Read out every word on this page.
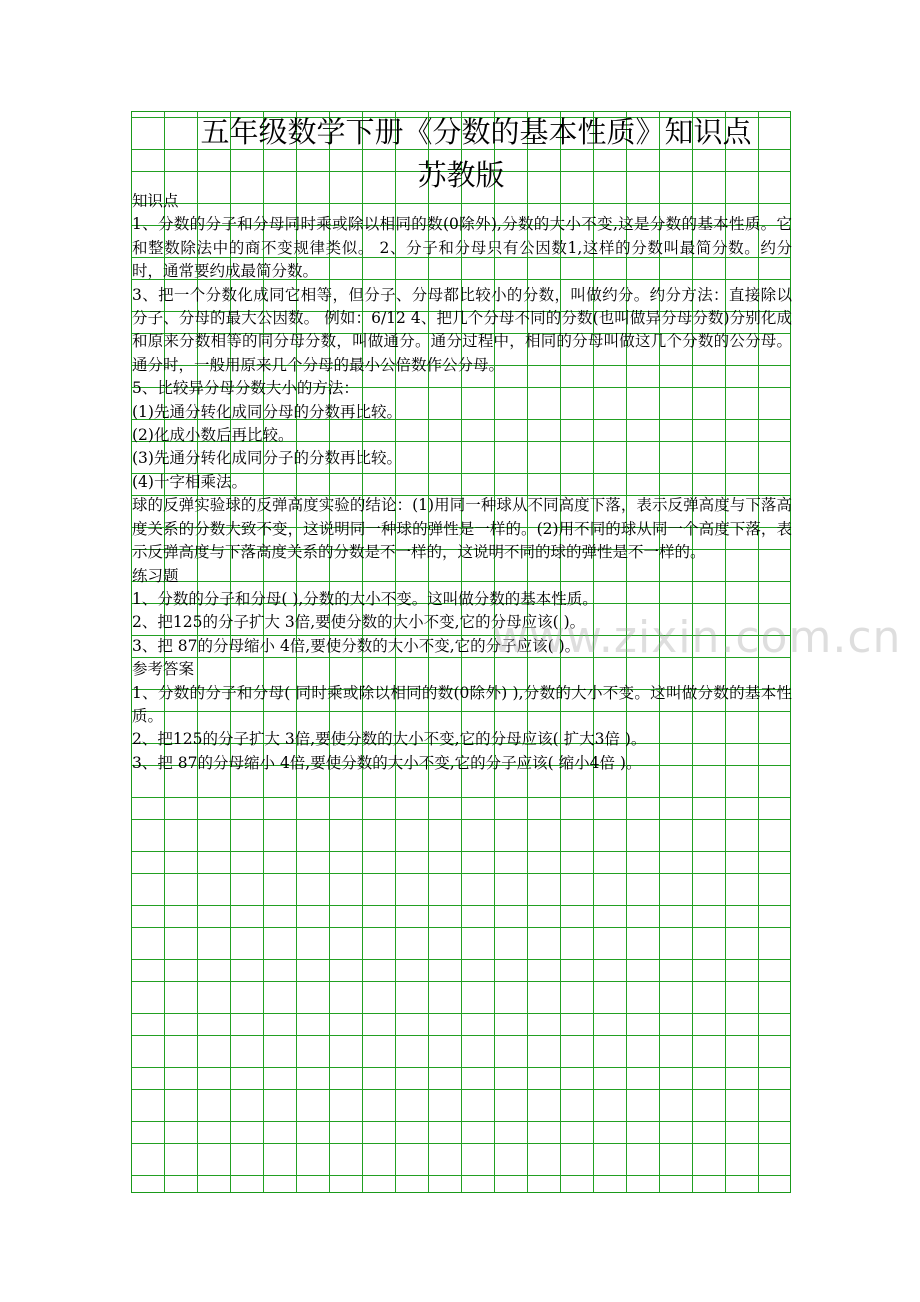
五年级数学下册《分数的基本性质》知识点
苏教版

知识点

1、分数的分子和分母同时乘或除以相同的数(0除外),分数的大小不变,这是分数的基本性质。它和整数除法中的商不变规律类似。 2、分子和分母只有公因数1,这样的分数叫最简分数。约分时，通常要约成最简分数。

3、把一个分数化成同它相等，但分子、分母都比较小的分数，叫做约分。约分方法：直接除以分子、分母的最大公因数。 例如：6/12 4、把几个分母不同的分数(也叫做异分母分数)分别化成和原来分数相等的同分母分数，叫做通分。通分过程中，相同的分母叫做这几个分数的公分母。通分时，一般用原来几个分母的最小公倍数作公分母。

5、比较异分母分数大小的方法：

(1)先通分转化成同分母的分数再比较。

(2)化成小数后再比较。

(3)先通分转化成同分子的分数再比较。

(4)十字相乘法。

球的反弹实验球的反弹高度实验的结论：(1)用同一种球从不同高度下落，表示反弹高度与下落高度关系的分数大致不变，这说明同一种球的弹性是一样的。(2)用不同的球从同一个高度下落，表示反弹高度与下落高度关系的分数是不一样的，这说明不同的球的弹性是不一样的。

练习题

1、分数的分子和分母( ),分数的大小不变。这叫做分数的基本性质。

2、把125的分子扩大 3倍,要使分数的大小不变,它的分母应该( )。

3、把 87的分母缩小 4倍,要使分数的大小不变,它的分子应该( )。

参考答案

1、分数的分子和分母( 同时乘或除以相同的数(0除外) ),分数的大小不变。这叫做分数的基本性质。

2、把125的分子扩大 3倍,要使分数的大小不变,它的分母应该( 扩大3倍 )。

3、把 87的分母缩小 4倍,要使分数的大小不变,它的分子应该( 缩小4倍 )。

www.zixin.com.cn
